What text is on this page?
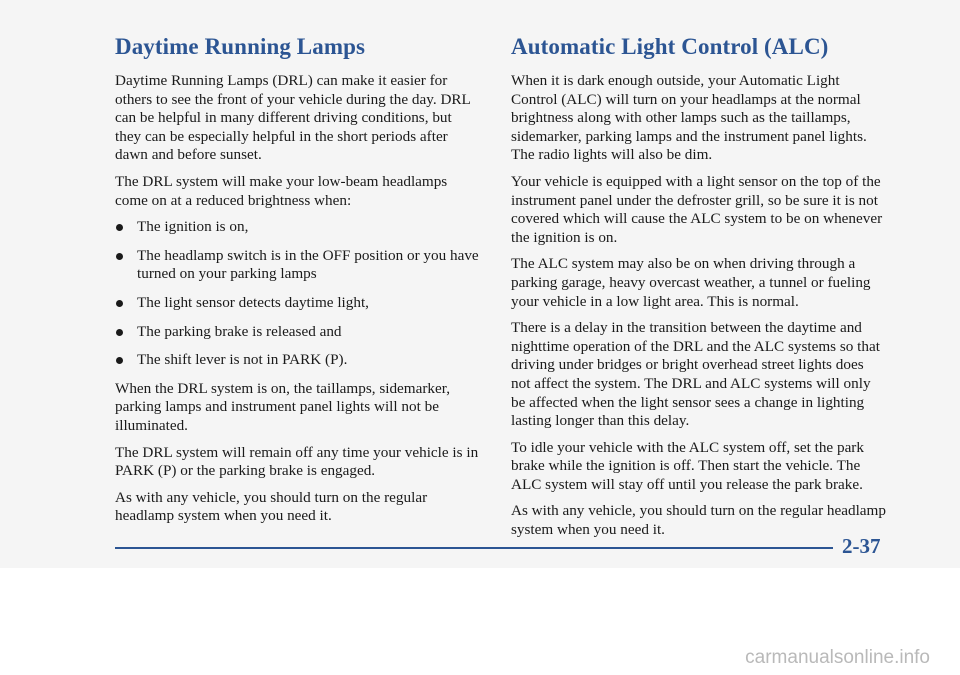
Daytime Running Lamps

Daytime Running Lamps (DRL) can make it easier for others to see the front of your vehicle during the day. DRL can be helpful in many different driving conditions, but they can be especially helpful in the short periods after dawn and before sunset.

The DRL system will make your low-beam headlamps come on at a reduced brightness when:

The ignition is on,
The headlamp switch is in the OFF position or you have turned on your parking lamps
The light sensor detects daytime light,
The parking brake is released and
The shift lever is not in PARK (P).

When the DRL system is on, the taillamps, sidemarker, parking lamps and instrument panel lights will not be illuminated.

The DRL system will remain off any time your vehicle is in PARK (P) or the parking brake is engaged.

As with any vehicle, you should turn on the regular headlamp system when you need it.

Automatic Light Control (ALC)

When it is dark enough outside, your Automatic Light Control (ALC) will turn on your headlamps at the normal brightness along with other lamps such as the taillamps, sidemarker, parking lamps and the instrument panel lights. The radio lights will also be dim.

Your vehicle is equipped with a light sensor on the top of the instrument panel under the defroster grill, so be sure it is not covered which will cause the ALC system to be on whenever the ignition is on.

The ALC system may also be on when driving through a parking garage, heavy overcast weather, a tunnel or fueling your vehicle in a low light area. This is normal.

There is a delay in the transition between the daytime and nighttime operation of the DRL and the ALC systems so that driving under bridges or bright overhead street lights does not affect the system. The DRL and ALC systems will only be affected when the light sensor sees a change in lighting lasting longer than this delay.

To idle your vehicle with the ALC system off, set the park brake while the ignition is off. Then start the vehicle. The ALC system will stay off until you release the park brake.

As with any vehicle, you should turn on the regular headlamp system when you need it.

2-37
carmanualsonline.info
